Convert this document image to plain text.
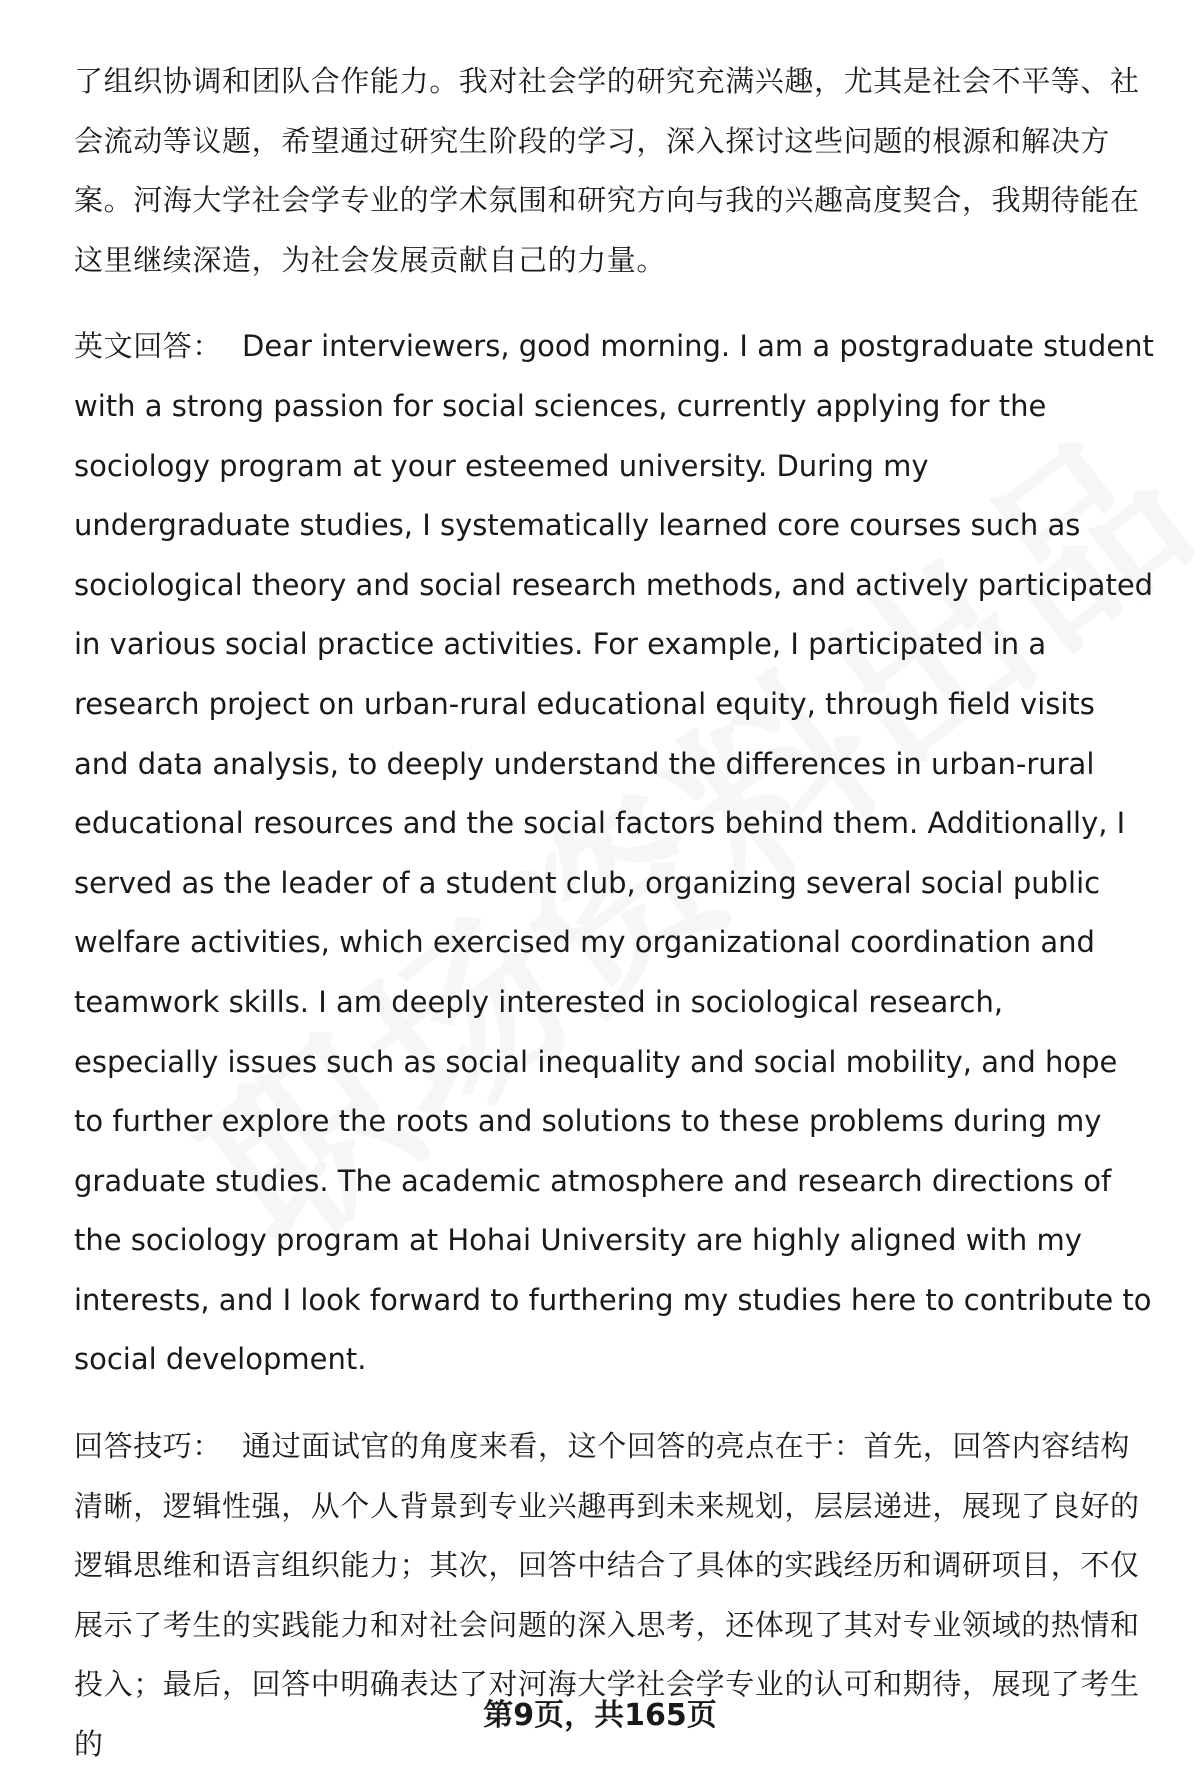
了组织协调和团队合作能力。我对社会学的研究充满兴趣，尤其是社会不平等、社会流动等议题，希望通过研究生阶段的学习，深入探讨这些问题的根源和解决方案。河海大学社会学专业的学术氛围和研究方向与我的兴趣高度契合，我期待能在这里继续深造，为社会发展贡献自己的力量。

英文回答： Dear interviewers, good morning. I am a postgraduate student with a strong passion for social sciences, currently applying for the sociology program at your esteemed university. During my undergraduate studies, I systematically learned core courses such as sociological theory and social research methods, and actively participated in various social practice activities. For example, I participated in a research project on urban-rural educational equity, through field visits and data analysis, to deeply understand the differences in urban-rural educational resources and the social factors behind them. Additionally, I served as the leader of a student club, organizing several social public welfare activities, which exercised my organizational coordination and teamwork skills. I am deeply interested in sociological research, especially issues such as social inequality and social mobility, and hope to further explore the roots and solutions to these problems during my graduate studies. The academic atmosphere and research directions of the sociology program at Hohai University are highly aligned with my interests, and I look forward to furthering my studies here to contribute to social development.

回答技巧： 通过面试官的角度来看，这个回答的亮点在于：首先，回答内容结构清晰，逻辑性强，从个人背景到专业兴趣再到未来规划，层层递进，展现了良好的逻辑思维和语言组织能力；其次，回答中结合了具体的实践经历和调研项目，不仅展示了考生的实践能力和对社会问题的深入思考，还体现了其对专业领域的热情和投入；最后，回答中明确表达了对河海大学社会学专业的认可和期待，展现了考生的

第9页，共165页
